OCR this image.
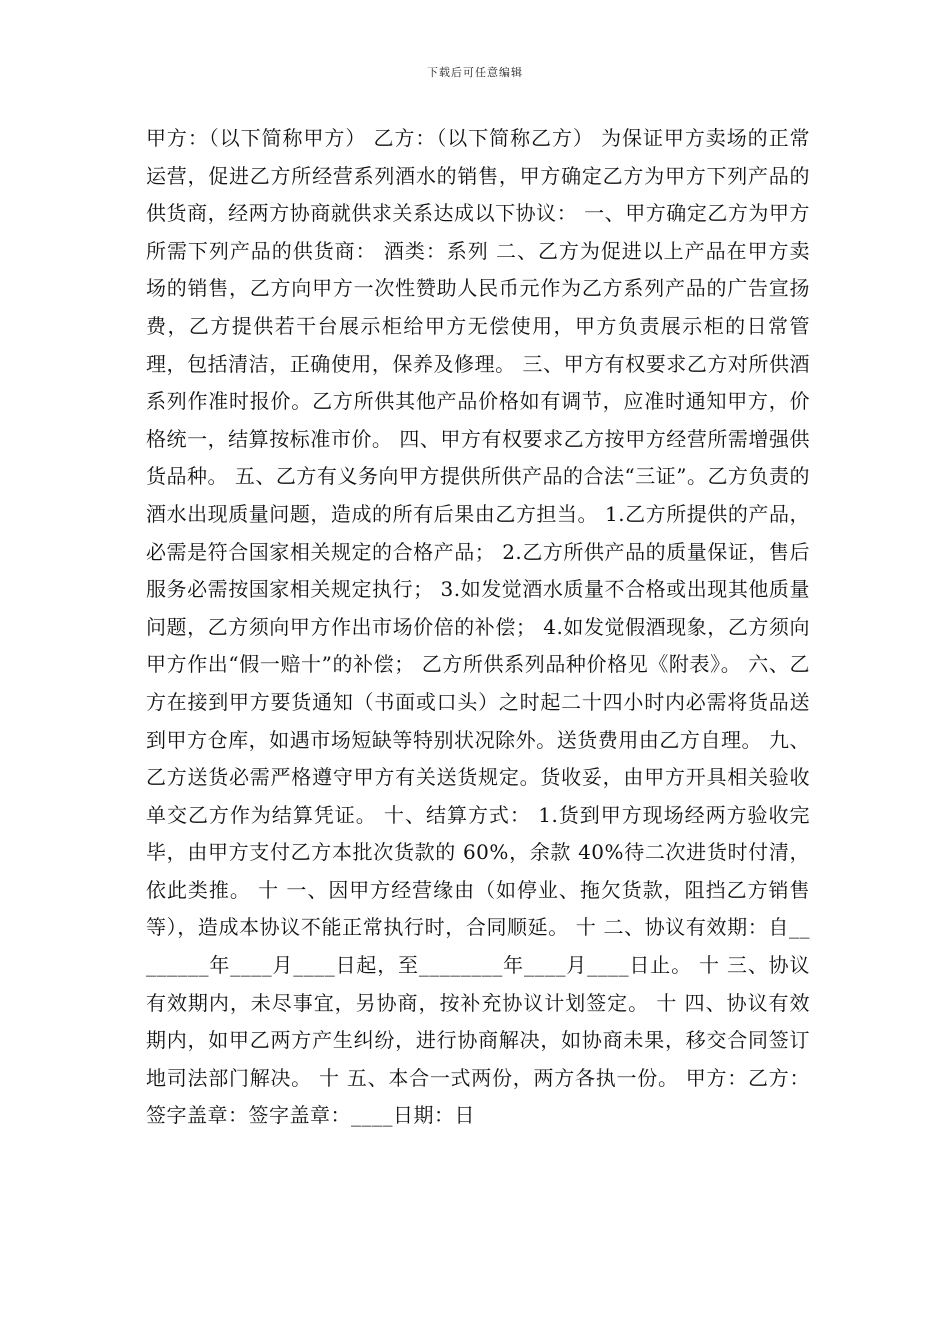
下载后可任意编辑

甲方：（以下简称甲方） 乙方：（以下简称乙方） 为保证甲方卖场的正常运营，促进乙方所经营系列酒水的销售，甲方确定乙方为甲方下列产品的供货商，经两方协商就供求关系达成以下协议： 一、甲方确定乙方为甲方所需下列产品的供货商： 酒类：系列 二、乙方为促进以上产品在甲方卖场的销售，乙方向甲方一次性赞助人民币元作为乙方系列产品的广告宣扬费，乙方提供若干台展示柜给甲方无偿使用，甲方负责展示柜的日常管理，包括清洁，正确使用，保养及修理。 三、甲方有权要求乙方对所供酒系列作准时报价。乙方所供其他产品价格如有调节，应准时通知甲方，价格统一，结算按标准市价。 四、甲方有权要求乙方按甲方经营所需增强供货品种。 五、乙方有义务向甲方提供所供产品的合法“三证”。乙方负责的酒水出现质量问题，造成的所有后果由乙方担当。 1.乙方所提供的产品，必需是符合国家相关规定的合格产品； 2.乙方所供产品的质量保证，售后服务必需按国家相关规定执行； 3.如发觉酒水质量不合格或出现其他质量问题，乙方须向甲方作出市场价倍的补偿； 4.如发觉假酒现象，乙方须向甲方作出“假一赔十”的补偿； 乙方所供系列品种价格见《附表》。 六、乙方在接到甲方要货通知（书面或口头）之时起二十四小时内必需将货品送到甲方仓库，如遇市场短缺等特别状况除外。送货费用由乙方自理。 九、乙方送货必需严格遵守甲方有关送货规定。货收妥，由甲方开具相关验收单交乙方作为结算凭证。 十、结算方式： 1.货到甲方现场经两方验收完毕，由甲方支付乙方本批次货款的 60%，余款 40%待二次进货时付清，依此类推。 十 一、因甲方经营缘由（如停业、拖欠货款，阻挡乙方销售等），造成本协议不能正常执行时，合同顺延。 十 二、协议有效期：自________年____月____日起，至________年____月____日止。 十 三、协议有效期内，未尽事宜，另协商，按补充协议计划签定。 十 四、协议有效期内，如甲乙两方产生纠纷，进行协商解决，如协商未果，移交合同签订地司法部门解决。 十 五、本合一式两份，两方各执一份。 甲方：乙方： 签字盖章：签字盖章：____日期：日
